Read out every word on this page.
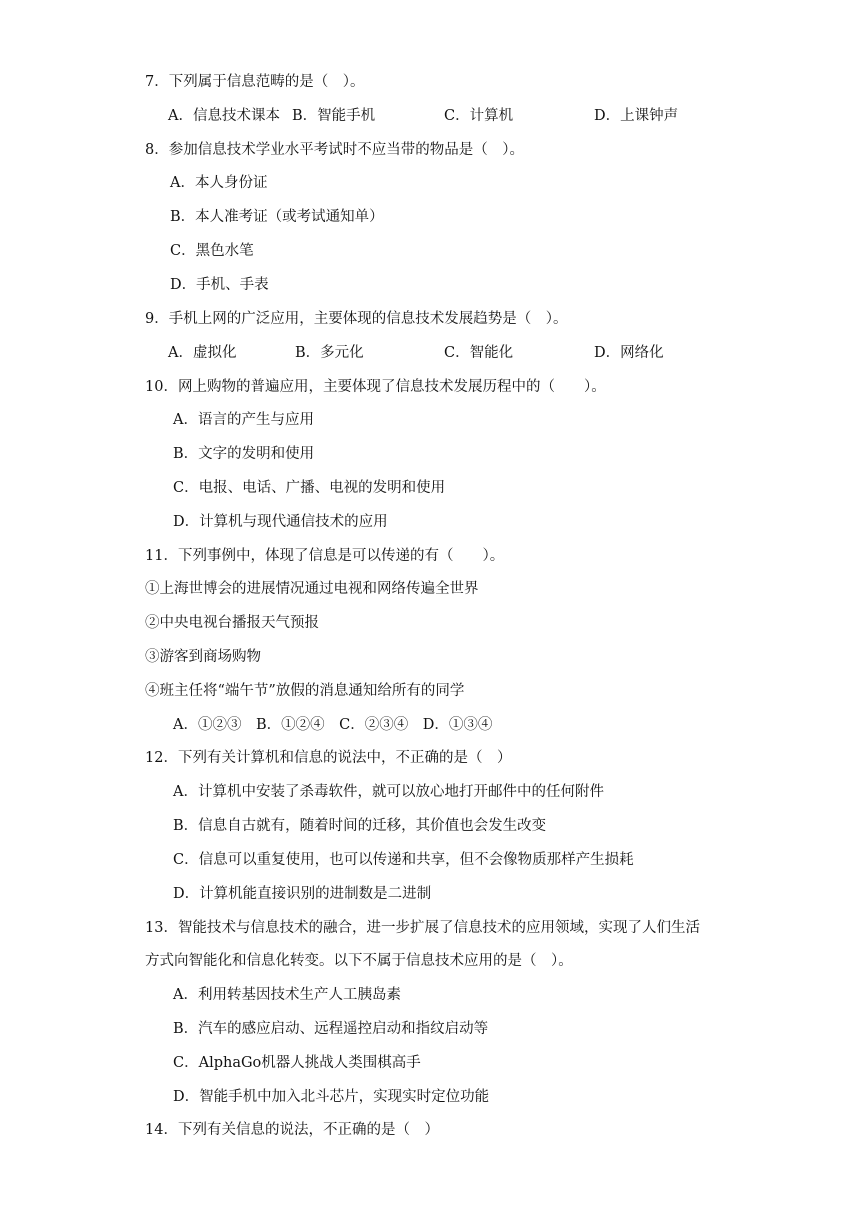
7．下列属于信息范畴的是（　）。
A．信息技术课本 B．智能手机	C．计算机	D．上课钟声
8．参加信息技术学业水平考试时不应当带的物品是（　）。
A．本人身份证
B．本人准考证（或考试通知单）
C．黑色水笔
D．手机、手表
9．手机上网的广泛应用，主要体现的信息技术发展趋势是（　）。
A．虚拟化	B．多元化	C．智能化	D．网络化
10．网上购物的普遍应用，主要体现了信息技术发展历程中的（　　）。
A．语言的产生与应用
B．文字的发明和使用
C．电报、电话、广播、电视的发明和使用
D．计算机与现代通信技术的应用
11．下列事例中，体现了信息是可以传递的有（　　）。
①上海世博会的进展情况通过电视和网络传遍全世界
②中央电视台播报天气预报
③游客到商场购物
④班主任将“端午节”放假的消息通知给所有的同学
A．①②③　B．①②④　C．②③④　D．①③④
12．下列有关计算机和信息的说法中，不正确的是（　）
A．计算机中安装了杀毒软件，就可以放心地打开邮件中的任何附件
B．信息自古就有，随着时间的迁移，其价值也会发生改变
C．信息可以重复使用，也可以传递和共享，但不会像物质那样产生损耗
D．计算机能直接识别的进制数是二进制
13．智能技术与信息技术的融合，进一步扩展了信息技术的应用领域，实现了人们生活
方式向智能化和信息化转变。以下不属于信息技术应用的是（　）。
A．利用转基因技术生产人工胰岛素
B．汽车的感应启动、远程遥控启动和指纹启动等
C．AlphaGo机器人挑战人类围棋高手
D．智能手机中加入北斗芯片，实现实时定位功能
14．下列有关信息的说法，不正确的是（　）
